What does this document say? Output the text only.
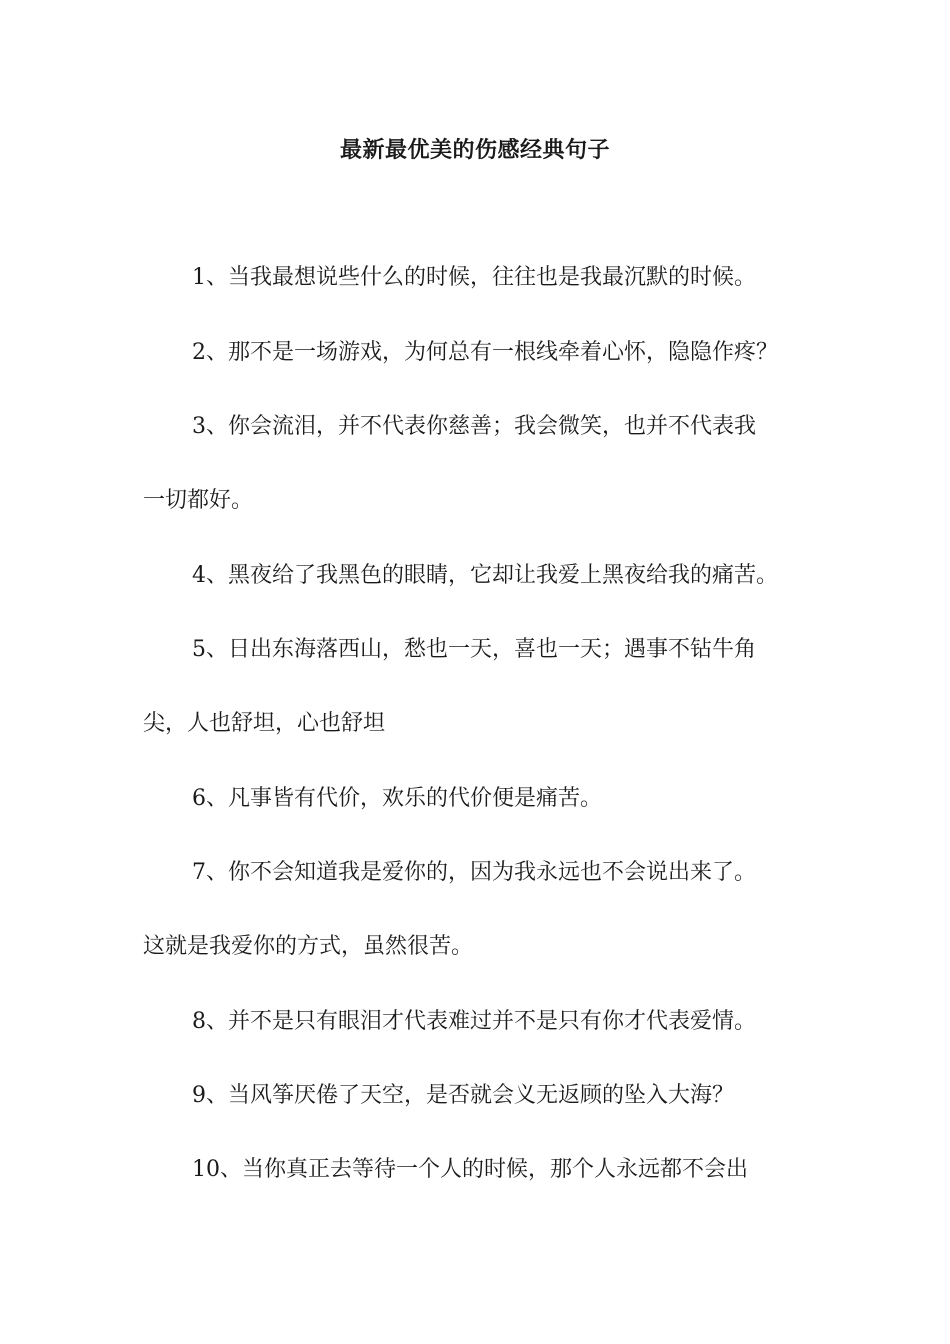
最新最优美的伤感经典句子
1、当我最想说些什么的时候，往往也是我最沉默的时候。
2、那不是一场游戏，为何总有一根线牵着心怀，隐隐作疼？
3、你会流泪，并不代表你慈善；我会微笑，也并不代表我
一切都好。
4、黑夜给了我黑色的眼睛，它却让我爱上黑夜给我的痛苦。
5、日出东海落西山，愁也一天，喜也一天；遇事不钻牛角
尖，人也舒坦，心也舒坦
6、凡事皆有代价，欢乐的代价便是痛苦。
7、你不会知道我是爱你的，因为我永远也不会说出来了。
这就是我爱你的方式，虽然很苦。
8、并不是只有眼泪才代表难过并不是只有你才代表爱情。
9、当风筝厌倦了天空，是否就会义无返顾的坠入大海？
10、当你真正去等待一个人的时候，那个人永远都不会出
